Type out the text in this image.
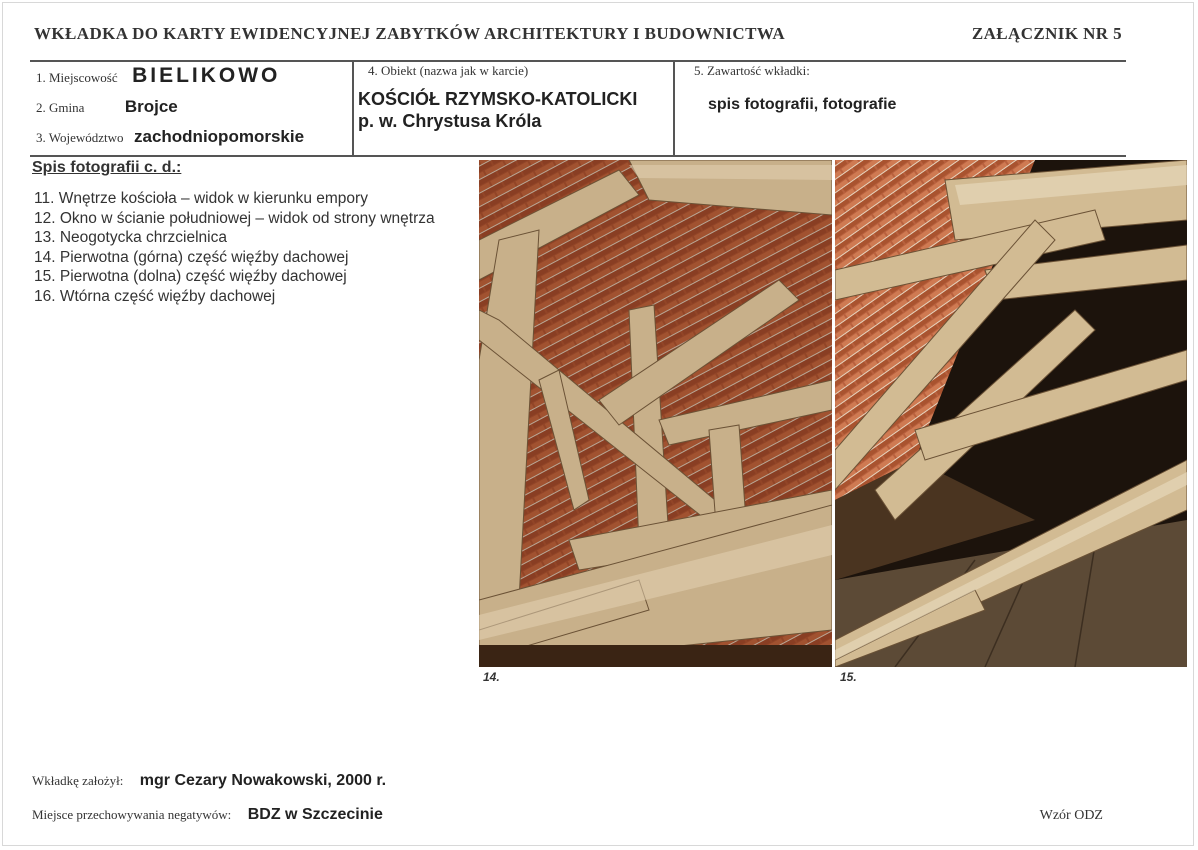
WKŁADKA DO KARTY EWIDENCYJNEJ ZABYTKÓW ARCHITEKTURY I BUDOWNICTWA	ZAŁĄCZNIK NR 5
1. Miejscowość BIELIKOWO
2. Gmina Brojce
3. Województwo zachodniopomorskie
4. Obiekt (nazwa jak w karcie)
KOŚCIÓŁ RZYMSKO-KATOLICKI
p. w. Chrystusa Króla
5. Zawartość wkładki:
spis fotografii, fotografie
Spis fotografii c. d.:
11. Wnętrze kościoła – widok w kierunku empory
12. Okno w ścianie południowej – widok od strony wnętrza
13. Neogotycka chrzcielnica
14. Pierwotna (górna) część więźby dachowej
15. Pierwotna (dolna) część więźby dachowej
16. Wtórna część więźby dachowej
14.	15.
Wkładkę założył: mgr Cezary Nowakowski, 2000 r.
Miejsce przechowywania negatywów: BDZ w Szczecinie	Wzór ODZ
